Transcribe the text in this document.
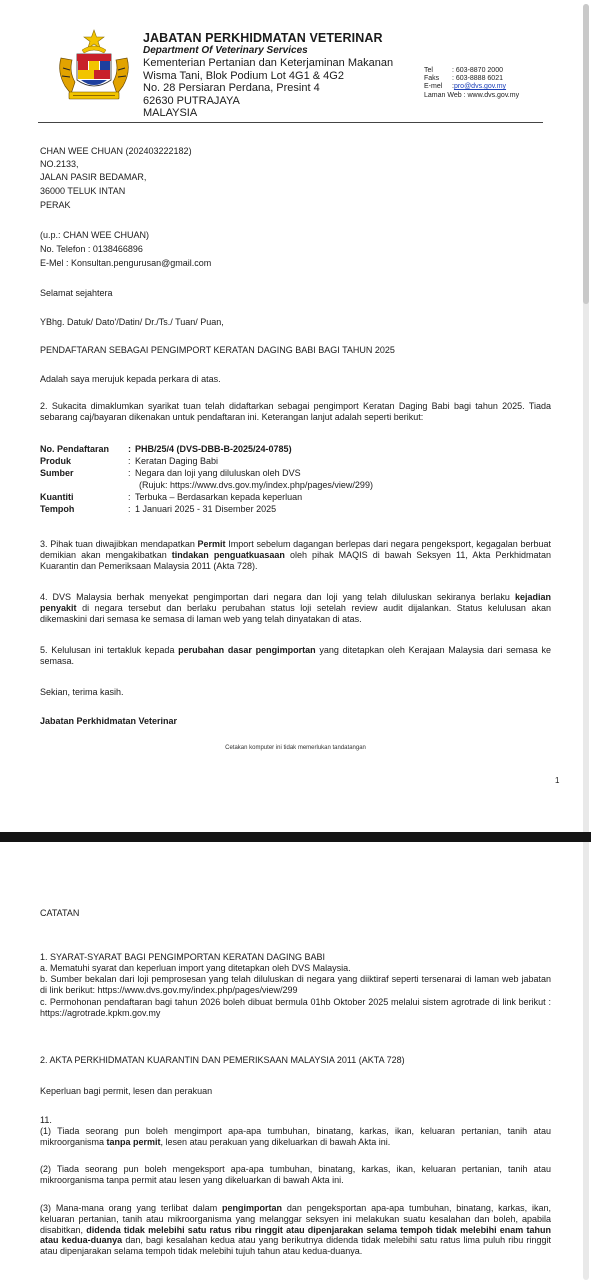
JABATAN PERKHIDMATAN VETERINAR
Department Of Veterinary Services
Kementerian Pertanian dan Keterjaminan Makanan
Wisma Tani, Blok Podium Lot 4G1 & 4G2
No. 28 Persiaran Perdana, Presint 4
62630 PUTRAJAYA
MALAYSIA
Tel	: 603-8870 2000
Faks	: 603-8888 6021
E-mel	: pro@dvs.gov.my
Laman Web
: www.dvs.gov.my
CHAN WEE CHUAN (202403222182)
NO.2133,
JALAN PASIR BEDAMAR,
36000 TELUK INTAN
PERAK
(u.p.: CHAN WEE CHUAN)
No. Telefon : 0138466896
E-Mel : Konsultan.pengurusan@gmail.com
Selamat sejahtera
YBhg. Datuk/ Dato'/Datin/ Dr./Ts./ Tuan/ Puan,
PENDAFTARAN SEBAGAI PENGIMPORT KERATAN DAGING BABI BAGI TAHUN 2025
Adalah saya merujuk kepada perkara di atas.
2. Sukacita dimaklumkan syarikat tuan telah didaftarkan sebagai pengimport Keratan Daging Babi bagi tahun 2025. Tiada sebarang caj/bayaran dikenakan untuk pendaftaran ini. Keterangan lanjut adalah seperti berikut:
No. Pendaftaran	: PHB/25/4 (DVS-DBB-B-2025/24-0785)
Produk	: Keratan Daging Babi
Sumber	: Negara dan loji yang diluluskan oleh DVS
(Rujuk: https://www.dvs.gov.my/index.php/pages/view/299)
Kuantiti	: Terbuka – Berdasarkan kepada keperluan
Tempoh	: 1 Januari 2025 - 31 Disember 2025
3. Pihak tuan diwajibkan mendapatkan Permit Import sebelum dagangan berlepas dari negara pengeksport, kegagalan berbuat demikian akan mengakibatkan tindakan penguatkuasaan oleh pihak MAQIS di bawah Seksyen 11, Akta Perkhidmatan Kuarantin dan Pemeriksaan Malaysia 2011 (Akta 728).
4. DVS Malaysia berhak menyekat pengimportan dari negara dan loji yang telah diluluskan sekiranya berlaku kejadian penyakit di negara tersebut dan berlaku perubahan status loji setelah review audit dijalankan. Status kelulusan akan dikemaskini dari semasa ke semasa di laman web yang telah dinyatakan di atas.
5. Kelulusan ini tertakluk kepada perubahan dasar pengimportan yang ditetapkan oleh Kerajaan Malaysia dari semasa ke semasa.
Sekian, terima kasih.
Jabatan Perkhidmatan Veterinar
Cetakan komputer ini tidak memerlukan tandatangan
1
CATATAN
1. SYARAT-SYARAT BAGI PENGIMPORTAN KERATAN DAGING BABI
a. Mematuhi syarat dan keperluan import yang ditetapkan oleh DVS Malaysia.
b. Sumber bekalan dari loji pemprosesan yang telah diluluskan di negara yang diiktiraf seperti tersenarai di laman web jabatan di link berikut: https://www.dvs.gov.my/index.php/pages/view/299
c. Permohonan pendaftaran bagi tahun 2026 boleh dibuat bermula 01hb Oktober 2025 melalui sistem agrotrade di link berikut : https://agrotrade.kpkm.gov.my
2. AKTA PERKHIDMATAN KUARANTIN DAN PEMERIKSAAN MALAYSIA 2011 (AKTA 728)
Keperluan bagi permit, lesen dan perakuan
11.
(1) Tiada seorang pun boleh mengimport apa-apa tumbuhan, binatang, karkas, ikan, keluaran pertanian, tanih atau mikroorganisma tanpa permit, lesen atau perakuan yang dikeluarkan di bawah Akta ini.
(2) Tiada seorang pun boleh mengeksport apa-apa tumbuhan, binatang, karkas, ikan, keluaran pertanian, tanih atau mikroorganisma tanpa permit atau lesen yang dikeluarkan di bawah Akta ini.
(3) Mana-mana orang yang terlibat dalam pengimportan dan pengeksportan apa-apa tumbuhan, binatang, karkas, ikan, keluaran pertanian, tanih atau mikroorganisma yang melanggar seksyen ini melakukan suatu kesalahan dan boleh, apabila disabitkan, didenda tidak melebihi satu ratus ribu ringgit atau dipenjarakan selama tempoh tidak melebihi enam tahun atau kedua-duanya dan, bagi kesalahan kedua atau yang berikutnya didenda tidak melebihi satu ratus lima puluh ribu ringgit atau dipenjarakan selama tempoh tidak melebihi tujuh tahun atau kedua-duanya.
